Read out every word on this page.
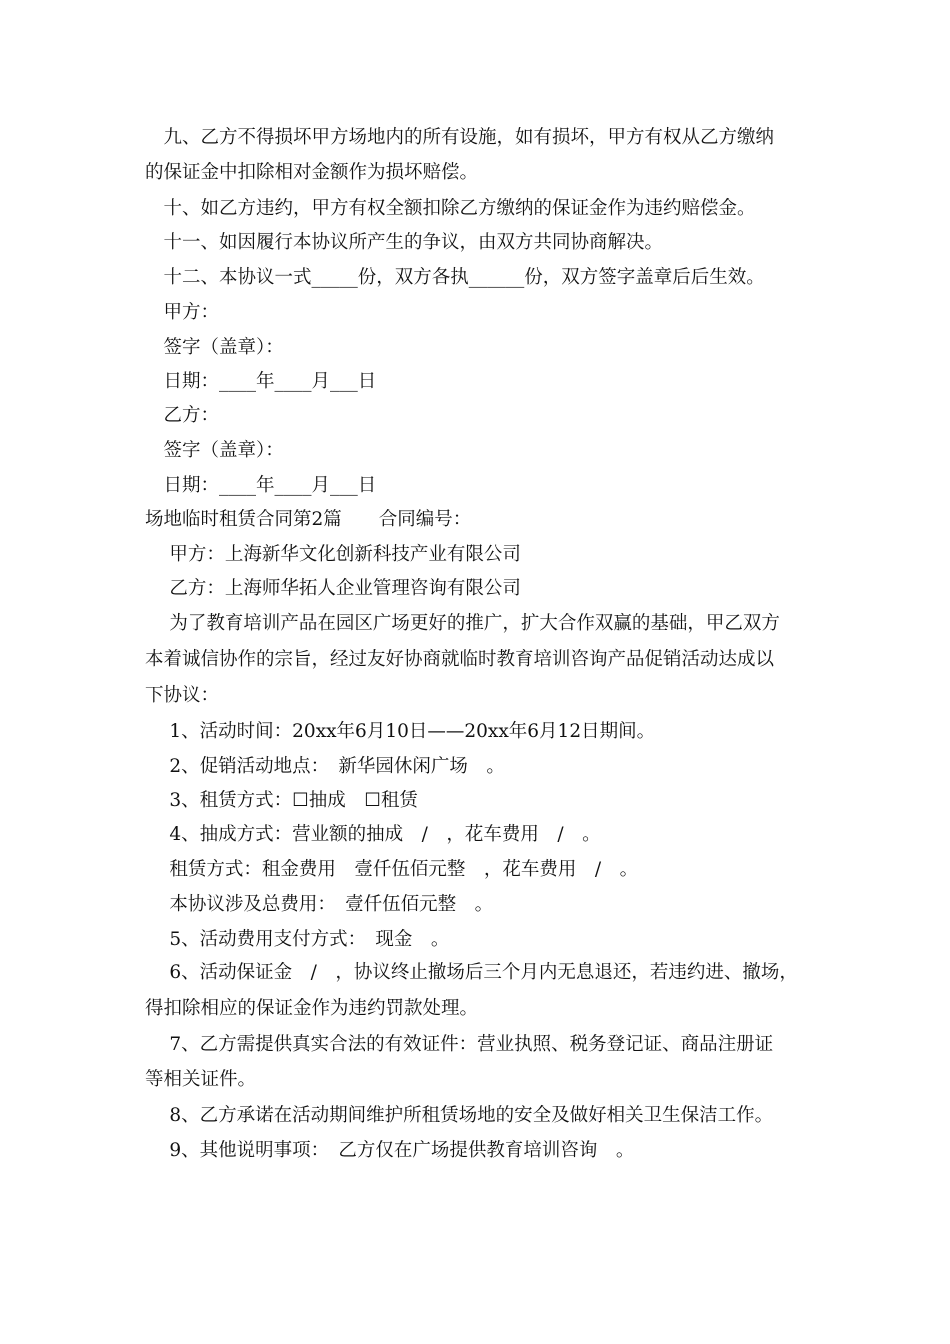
　九、乙方不得损坏甲方场地内的所有设施，如有损坏，甲方有权从乙方缴纳
的保证金中扣除相对金额作为损坏赔偿。
　十、如乙方违约，甲方有权全额扣除乙方缴纳的保证金作为违约赔偿金。
　十一、如因履行本协议所产生的争议，由双方共同协商解决。
　十二、本协议一式_____份，双方各执______份，双方签字盖章后后生效。
　甲方：
　签字（盖章）：
　日期：____年____月___日
　乙方：
　签字（盖章）：
　日期：____年____月___日
场地临时租赁合同第2篇　　合同编号：
　 甲方：上海新华文化创新科技产业有限公司
　 乙方：上海师华拓人企业管理咨询有限公司
　 为了教育培训产品在园区广场更好的推广，扩大合作双赢的基础，甲乙双方
本着诚信协作的宗旨，经过友好协商就临时教育培训咨询产品促销活动达成以
下协议：
　 1、活动时间：20xx年6月10日——20xx年6月12日期间。
　 2、促销活动地点：　新华园休闲广场　。
　 3、租赁方式：☐抽成　☐租赁
　 4、抽成方式：营业额的抽成　/　，花车费用　/　。
　 租赁方式：租金费用　壹仟伍佰元整　，花车费用　/　。
　 本协议涉及总费用：　壹仟伍佰元整　。
　 5、活动费用支付方式：　现金　。
　 6、活动保证金　/　，协议终止撤场后三个月内无息退还，若违约进、撤场，
得扣除相应的保证金作为违约罚款处理。
　 7、乙方需提供真实合法的有效证件：营业执照、税务登记证、商品注册证
等相关证件。
　 8、乙方承诺在活动期间维护所租赁场地的安全及做好相关卫生保洁工作。
　 9、其他说明事项：　乙方仅在广场提供教育培训咨询　。
